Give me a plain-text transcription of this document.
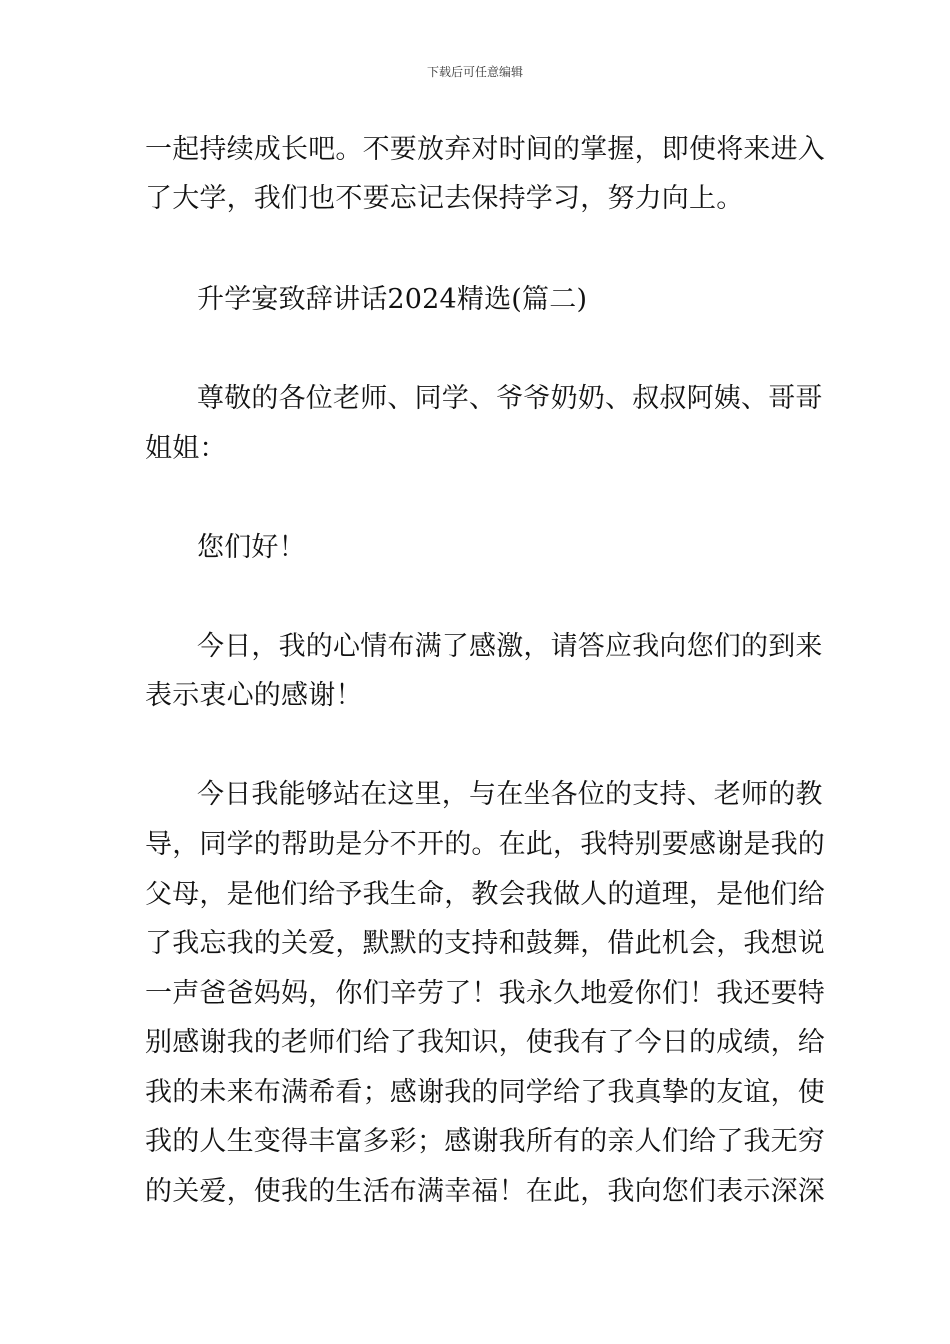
下载后可任意编辑
一起持续成长吧。不要放弃对时间的掌握，即使将来进入
了大学，我们也不要忘记去保持学习，努力向上。
升学宴致辞讲话2024精选(篇二)
尊敬的各位老师、同学、爷爷奶奶、叔叔阿姨、哥哥
姐姐：
您们好！
今日，我的心情布满了感激，请答应我向您们的到来
表示衷心的感谢！
今日我能够站在这里，与在坐各位的支持、老师的教
导，同学的帮助是分不开的。在此，我特别要感谢是我的
父母，是他们给予我生命，教会我做人的道理，是他们给
了我忘我的关爱，默默的支持和鼓舞，借此机会，我想说
一声爸爸妈妈，你们辛劳了！我永久地爱你们！我还要特
别感谢我的老师们给了我知识，使我有了今日的成绩，给
我的未来布满希看；感谢我的同学给了我真挚的友谊，使
我的人生变得丰富多彩；感谢我所有的亲人们给了我无穷
的关爱，使我的生活布满幸福！在此，我向您们表示深深
